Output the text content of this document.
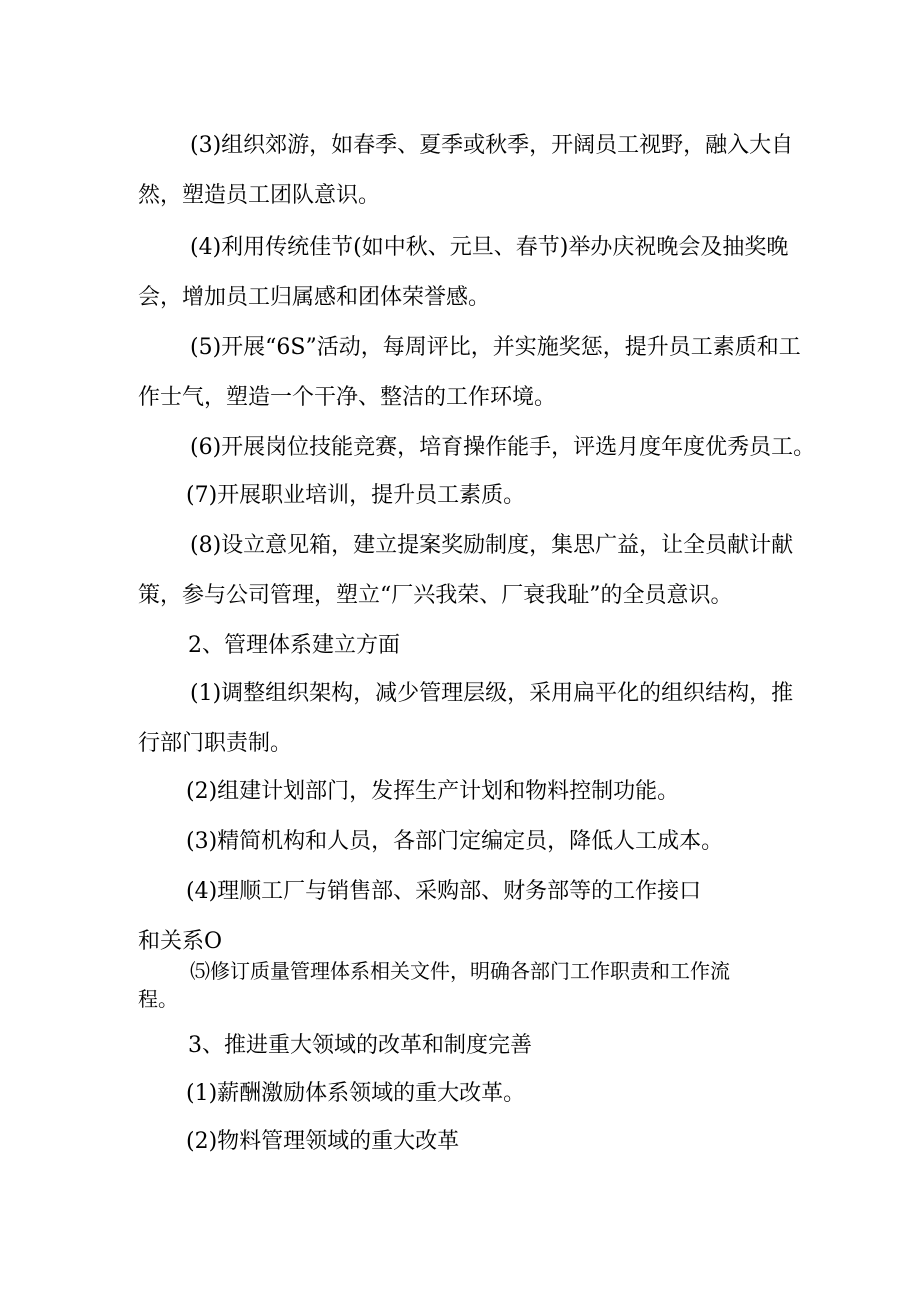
(3)组织郊游，如春季、夏季或秋季，开阔员工视野，融入大自
然，塑造员工团队意识。
(4)利用传统佳节(如中秋、元旦、春节)举办庆祝晚会及抽奖晚
会，增加员工归属感和团体荣誉感。
(5)开展“6S”活动，每周评比，并实施奖惩，提升员工素质和工
作士气，塑造一个干净、整洁的工作环境。
(6)开展岗位技能竞赛，培育操作能手，评选月度年度优秀员工。
(7)开展职业培训，提升员工素质。
(8)设立意见箱，建立提案奖励制度，集思广益，让全员献计献
策，参与公司管理，塑立“厂兴我荣、厂衰我耻”的全员意识。
2、管理体系建立方面
(1)调整组织架构，减少管理层级，采用扁平化的组织结构，推
行部门职责制。
(2)组建计划部门，发挥生产计划和物料控制功能。
(3)精简机构和人员，各部门定编定员，降低人工成本。
(4)理顺工厂与销售部、采购部、财务部等的工作接口
和关系O
⑸修订质量管理体系相关文件，明确各部门工作职责和工作流
程。
3、推进重大领域的改革和制度完善
(1)薪酬激励体系领域的重大改革。
(2)物料管理领域的重大改革
